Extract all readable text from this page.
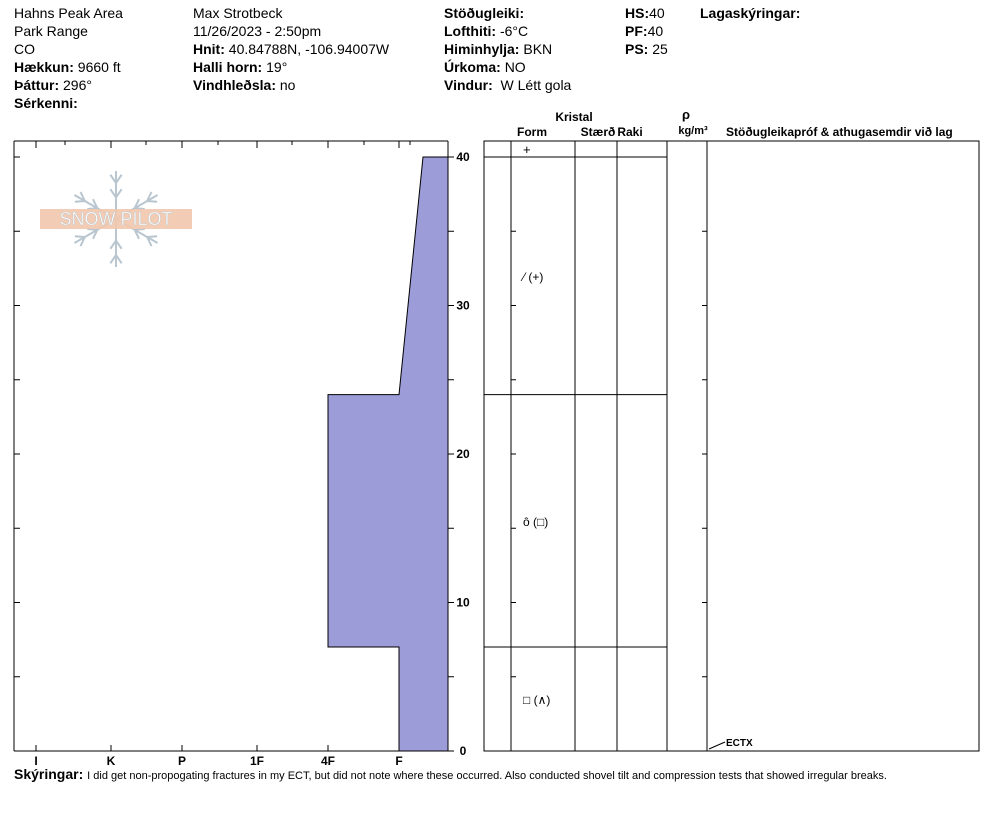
Hahns Peak Area
Park Range
CO
Hækkun: 9660 ft
Þáttur: 296°
Sérkenni:
Max Strotbeck
11/26/2023 - 2:50pm
Hnit: 40.84788N, -106.94007W
Halli horn: 19°
Vindhleðsla: no
Stöðugleiki:
Lofthiti: -6°C
Himinhylja: BKN
Úrkoma: NO
Vindur: W Létt gola
HS:40
PF:40
PS: 25
Lagaskýringar:
SNOW PILOT
I	K	P	1F	4F	F
0
10
20
30
40
⁄ (+)
ô (□)
□ (∧)
+
ECTX
Kristal
Form	Stærð Raki
ρ
kg/m³ Stöðugleikapróf & athugasemdir við lag
Skýringar: I did get non-propogating fractures in my ECT, but did not note where these occurred. Also conducted shovel tilt and compression tests that showed irregular breaks.
